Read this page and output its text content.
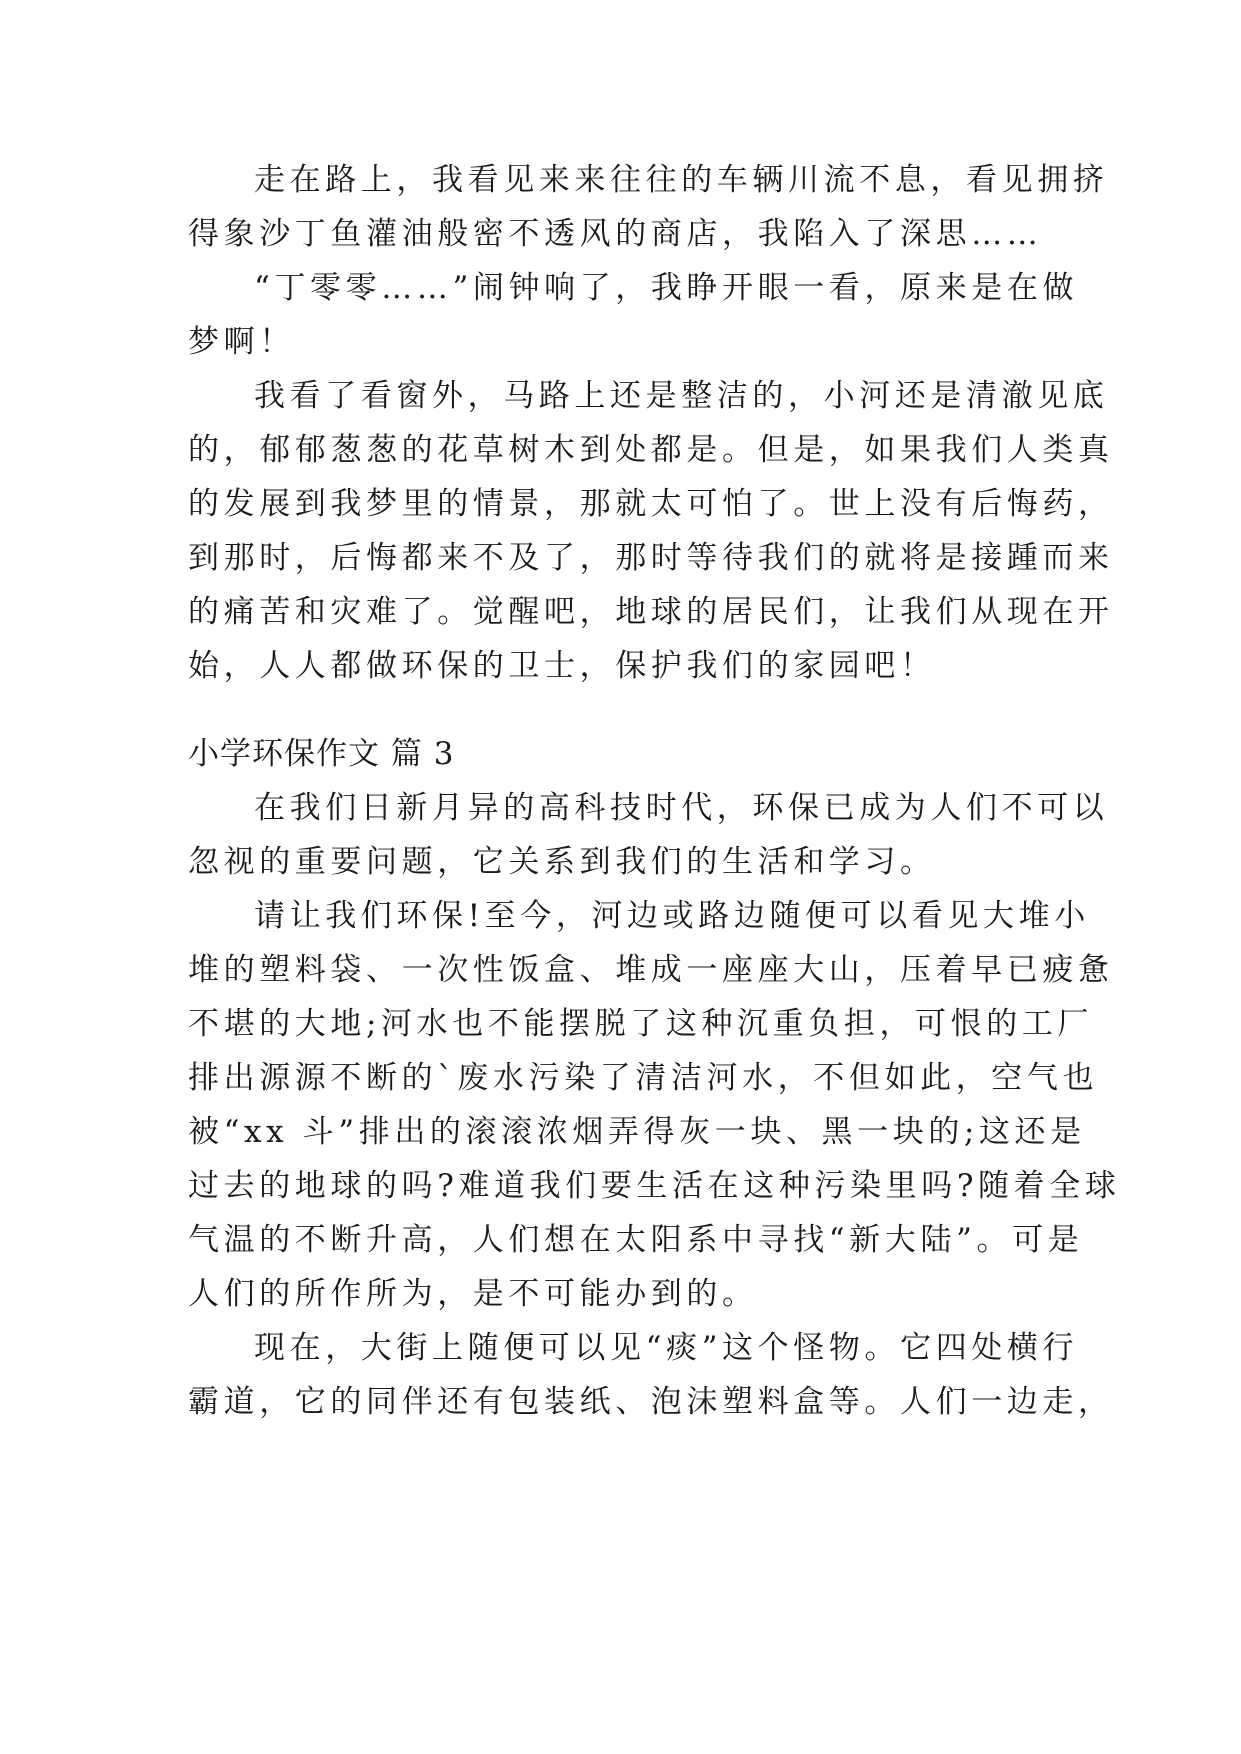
走在路上，我看见来来往往的车辆川流不息，看见拥挤
得象沙丁鱼灌油般密不透风的商店，我陷入了深思……
“丁零零……”闹钟响了，我睁开眼一看，原来是在做
梦啊！
我看了看窗外，马路上还是整洁的，小河还是清澈见底
的，郁郁葱葱的花草树木到处都是。但是，如果我们人类真
的发展到我梦里的情景，那就太可怕了。世上没有后悔药，
到那时，后悔都来不及了，那时等待我们的就将是接踵而来
的痛苦和灾难了。觉醒吧，地球的居民们，让我们从现在开
始，人人都做环保的卫士，保护我们的家园吧！
小学环保作文 篇 3
在我们日新月异的高科技时代，环保已成为人们不可以
忽视的重要问题，它关系到我们的生活和学习。
请让我们环保!至今，河边或路边随便可以看见大堆小
堆的塑料袋、一次性饭盒、堆成一座座大山，压着早已疲惫
不堪的大地;河水也不能摆脱了这种沉重负担，可恨的工厂
排出源源不断的`废水污染了清洁河水，不但如此，空气也
被“xx 斗”排出的滚滚浓烟弄得灰一块、黑一块的;这还是
过去的地球的吗?难道我们要生活在这种污染里吗?随着全球
气温的不断升高，人们想在太阳系中寻找“新大陆”。可是
人们的所作所为，是不可能办到的。
现在，大街上随便可以见“痰”这个怪物。它四处横行
霸道，它的同伴还有包装纸、泡沫塑料盒等。人们一边走，
